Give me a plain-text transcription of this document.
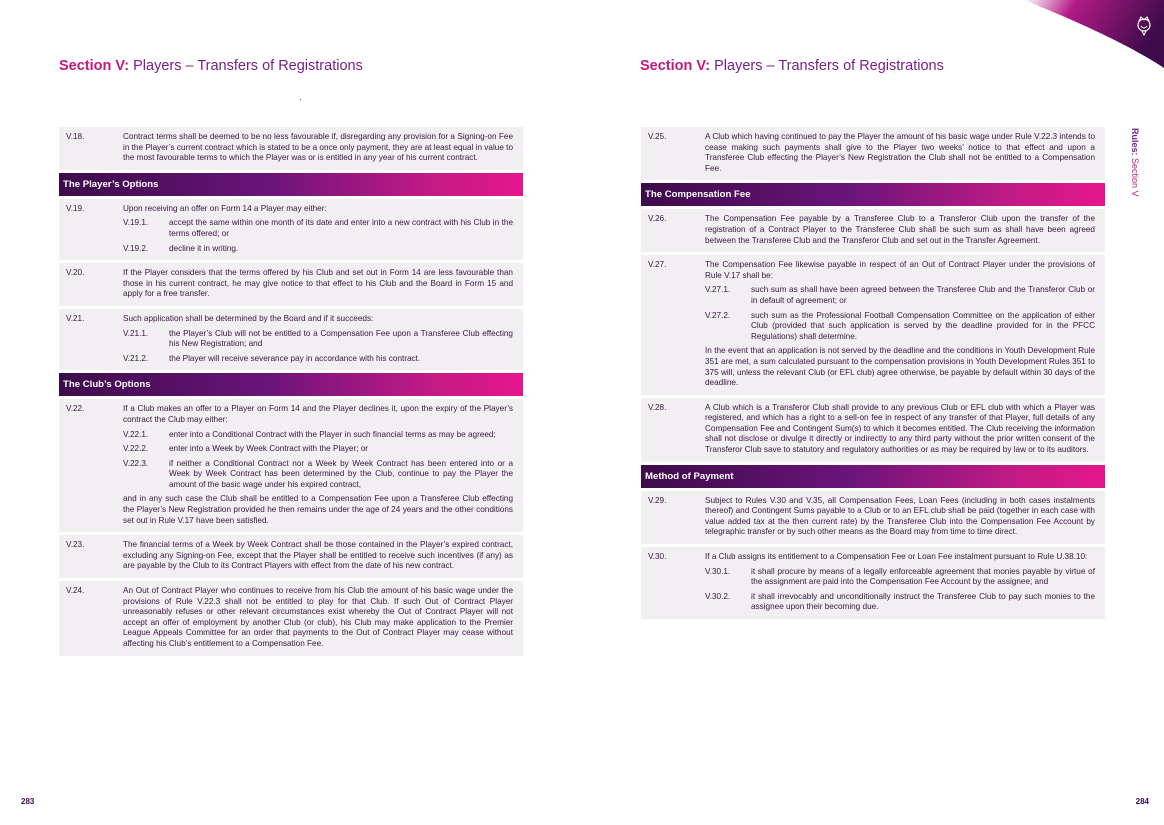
Section V: Players – Transfers of Registrations
V.18.	Contract terms shall be deemed to be no less favourable if, disregarding any provision for a Signing-on Fee in the Player’s current contract which is stated to be a once only payment, they are at least equal in value to the most favourable terms to which the Player was or is entitled in any year of his current contract.
The Player’s Options
V.19.	Upon receiving an offer on Form 14 a Player may either:
V.19.1.	accept the same within one month of its date and enter into a new contract with his Club in the terms offered; or
V.19.2.	decline it in writing.
V.20.	If the Player considers that the terms offered by his Club and set out in Form 14 are less favourable than those in his current contract, he may give notice to that effect to his Club and the Board in Form 15 and apply for a free transfer.
V.21.	Such application shall be determined by the Board and if it succeeds:
V.21.1.	the Player’s Club will not be entitled to a Compensation Fee upon a Transferee Club effecting his New Registration; and
V.21.2.	the Player will receive severance pay in accordance with his contract.
The Club’s Options
V.22.	If a Club makes an offer to a Player on Form 14 and the Player declines it, upon the expiry of the Player’s contract the Club may either:
V.22.1.	enter into a Conditional Contract with the Player in such financial terms as may be agreed;
V.22.2.	enter into a Week by Week Contract with the Player; or
V.22.3.	if neither a Conditional Contract nor a Week by Week Contract has been entered into or a Week by Week Contract has been determined by the Club, continue to pay the Player the amount of the basic wage under his expired contract,
and in any such case the Club shall be entitled to a Compensation Fee upon a Transferee Club effecting the Player’s New Registration provided he then remains under the age of 24 years and the other conditions set out in Rule V.17 have been satisfied.
V.23.	The financial terms of a Week by Week Contract shall be those contained in the Player’s expired contract, excluding any Signing-on Fee, except that the Player shall be entitled to receive such incentives (if any) as are payable by the Club to its Contract Players with effect from the date of his new contract.
V.24.	An Out of Contract Player who continues to receive from his Club the amount of his basic wage under the provisions of Rule V.22.3 shall not be entitled to play for that Club. If such Out of Contract Player unreasonably refuses or other relevant circumstances exist whereby the Out of Contract Player will not accept an offer of employment by another Club (or club), his Club may make application to the Premier League Appeals Committee for an order that payments to the Out of Contract Player may cease without affecting his Club’s entitlement to a Compensation Fee.
283
Section V: Players – Transfers of Registrations
V.25.	A Club which having continued to pay the Player the amount of his basic wage under Rule V.22.3 intends to cease making such payments shall give to the Player two weeks’ notice to that effect and upon a Transferee Club effecting the Player’s New Registration the Club shall not be entitled to a Compensation Fee.
The Compensation Fee
V.26.	The Compensation Fee payable by a Transferee Club to a Transferor Club upon the transfer of the registration of a Contract Player to the Transferee Club shall be such sum as shall have been agreed between the Transferee Club and the Transferor Club and set out in the Transfer Agreement.
V.27.	The Compensation Fee likewise payable in respect of an Out of Contract Player under the provisions of Rule V.17 shall be:
V.27.1.	such sum as shall have been agreed between the Transferee Club and the Transferor Club or in default of agreement; or
V.27.2.	such sum as the Professional Football Compensation Committee on the application of either Club (provided that such application is served by the deadline provided for in the PFCC Regulations) shall determine.
In the event that an application is not served by the deadline and the conditions in Youth Development Rule 351 are met, a sum calculated pursuant to the compensation provisions in Youth Development Rules 351 to 375 will, unless the relevant Club (or EFL club) agree otherwise, be payable by default within 30 days of the deadline.
V.28.	A Club which is a Transferor Club shall provide to any previous Club or EFL club with which a Player was registered, and which has a right to a sell-on fee in respect of any transfer of that Player, full details of any Compensation Fee and Contingent Sum(s) to which it becomes entitled. The Club receiving the information shall not disclose or divulge it directly or indirectly to any third party without the prior written consent of the Transferor Club save to statutory and regulatory authorities or as may be required by law or to its auditors.
Method of Payment
V.29.	Subject to Rules V.30 and V.35, all Compensation Fees, Loan Fees (including in both cases instalments thereof) and Contingent Sums payable to a Club or to an EFL club shall be paid (together in each case with value added tax at the then current rate) by the Transferee Club into the Compensation Fee Account by telegraphic transfer or by such other means as the Board may from time to time direct.
V.30.	If a Club assigns its entitlement to a Compensation Fee or Loan Fee instalment pursuant to Rule U.38.10:
V.30.1.	it shall procure by means of a legally enforceable agreement that monies payable by virtue of the assignment are paid into the Compensation Fee Account by the assignee; and
V.30.2.	it shall irrevocably and unconditionally instruct the Transferee Club to pay such monies to the assignee upon their becoming due.
Rules: Section V
284
